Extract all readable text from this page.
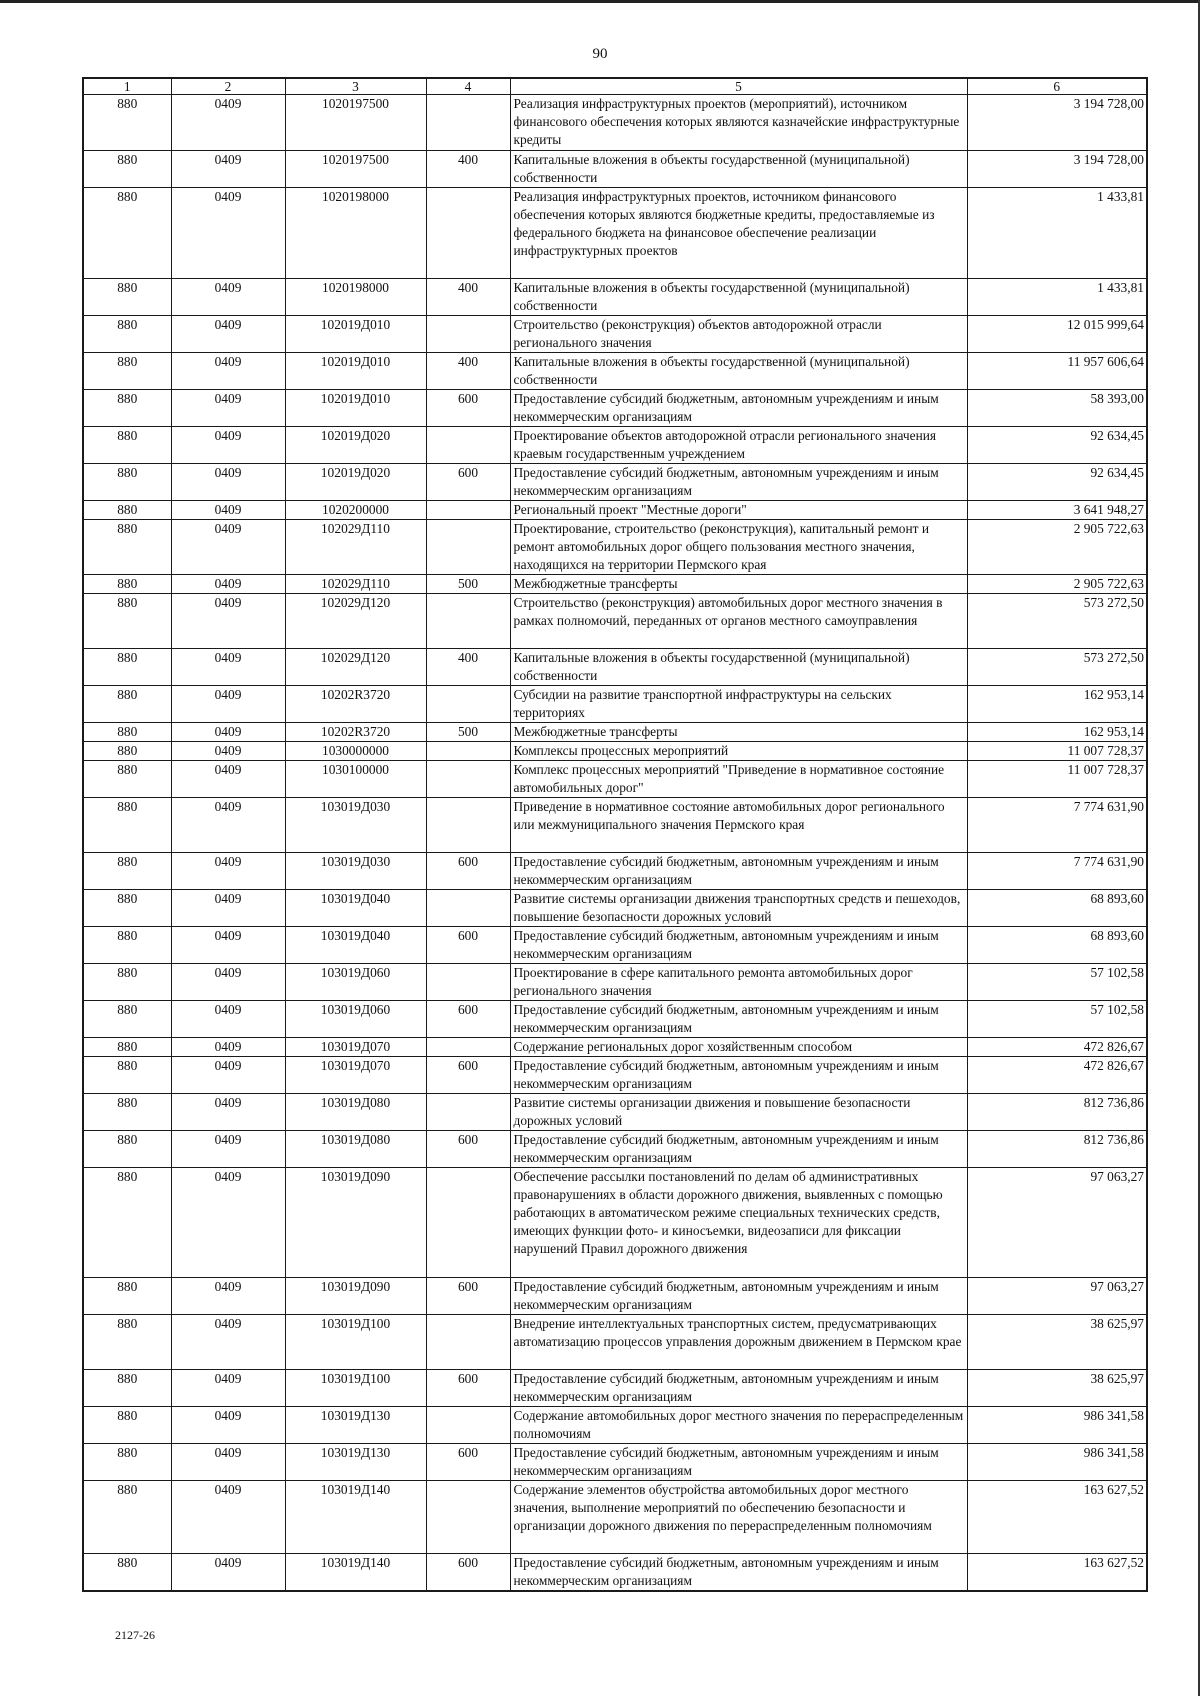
90
1	2	3	4	5	6
880	0409	1020197500		Реализация инфраструктурных проектов (мероприятий), источником финансового обеспечения которых являются казначейские инфраструктурные кредиты	3 194 728,00
880	0409	1020197500	400	Капитальные вложения в объекты государственной (муниципальной) собственности	3 194 728,00
880	0409	1020198000		Реализация инфраструктурных проектов, источником финансового обеспечения которых являются бюджетные кредиты, предоставляемые из федерального бюджета на финансовое обеспечение реализации инфраструктурных проектов	1 433,81
880	0409	1020198000	400	Капитальные вложения в объекты государственной (муниципальной) собственности	1 433,81
880	0409	102019Д010		Строительство (реконструкция) объектов автодорожной отрасли регионального значения	12 015 999,64
880	0409	102019Д010	400	Капитальные вложения в объекты государственной (муниципальной) собственности	11 957 606,64
880	0409	102019Д010	600	Предоставление субсидий бюджетным, автономным учреждениям и иным некоммерческим организациям	58 393,00
880	0409	102019Д020		Проектирование объектов автодорожной отрасли регионального значения краевым государственным учреждением	92 634,45
880	0409	102019Д020	600	Предоставление субсидий бюджетным, автономным учреждениям и иным некоммерческим организациям	92 634,45
880	0409	1020200000		Региональный проект "Местные дороги"	3 641 948,27
880	0409	102029Д110		Проектирование, строительство (реконструкция), капитальный ремонт и ремонт автомобильных дорог общего пользования местного значения, находящихся на территории Пермского края	2 905 722,63
880	0409	102029Д110	500	Межбюджетные трансферты	2 905 722,63
880	0409	102029Д120		Строительство (реконструкция) автомобильных дорог местного значения в рамках полномочий, переданных от органов местного самоуправления	573 272,50
880	0409	102029Д120	400	Капитальные вложения в объекты государственной (муниципальной) собственности	573 272,50
880	0409	10202R3720		Субсидии на развитие транспортной инфраструктуры на сельских территориях	162 953,14
880	0409	10202R3720	500	Межбюджетные трансферты	162 953,14
880	0409	1030000000		Комплексы процессных мероприятий	11 007 728,37
880	0409	1030100000		Комплекс процессных мероприятий "Приведение в нормативное состояние автомобильных дорог"	11 007 728,37
880	0409	103019Д030		Приведение в нормативное состояние автомобильных дорог регионального или межмуниципального значения Пермского края	7 774 631,90
880	0409	103019Д030	600	Предоставление субсидий бюджетным, автономным учреждениям и иным некоммерческим организациям	7 774 631,90
880	0409	103019Д040		Развитие системы организации движения транспортных средств и пешеходов, повышение безопасности дорожных условий	68 893,60
880	0409	103019Д040	600	Предоставление субсидий бюджетным, автономным учреждениям и иным некоммерческим организациям	68 893,60
880	0409	103019Д060		Проектирование в сфере капитального ремонта автомобильных дорог регионального значения	57 102,58
880	0409	103019Д060	600	Предоставление субсидий бюджетным, автономным учреждениям и иным некоммерческим организациям	57 102,58
880	0409	103019Д070		Содержание региональных дорог хозяйственным способом	472 826,67
880	0409	103019Д070	600	Предоставление субсидий бюджетным, автономным учреждениям и иным некоммерческим организациям	472 826,67
880	0409	103019Д080		Развитие системы организации движения и повышение безопасности дорожных условий	812 736,86
880	0409	103019Д080	600	Предоставление субсидий бюджетным, автономным учреждениям и иным некоммерческим организациям	812 736,86
880	0409	103019Д090		Обеспечение рассылки постановлений по делам об административных правонарушениях в области дорожного движения, выявленных с помощью работающих в автоматическом режиме специальных технических средств, имеющих функции фото- и киносъемки, видеозаписи для фиксации нарушений Правил дорожного движения	97 063,27
880	0409	103019Д090	600	Предоставление субсидий бюджетным, автономным учреждениям и иным некоммерческим организациям	97 063,27
880	0409	103019Д100		Внедрение интеллектуальных транспортных систем, предусматривающих автоматизацию процессов управления дорожным движением в Пермском крае	38 625,97
880	0409	103019Д100	600	Предоставление субсидий бюджетным, автономным учреждениям и иным некоммерческим организациям	38 625,97
880	0409	103019Д130		Содержание автомобильных дорог местного значения по перераспределенным полномочиям	986 341,58
880	0409	103019Д130	600	Предоставление субсидий бюджетным, автономным учреждениям и иным некоммерческим организациям	986 341,58
880	0409	103019Д140		Содержание элементов обустройства автомобильных дорог местного значения, выполнение мероприятий по обеспечению безопасности и организации дорожного движения по перераспределенным полномочиям	163 627,52
880	0409	103019Д140	600	Предоставление субсидий бюджетным, автономным учреждениям и иным некоммерческим организациям	163 627,52
2127-26
